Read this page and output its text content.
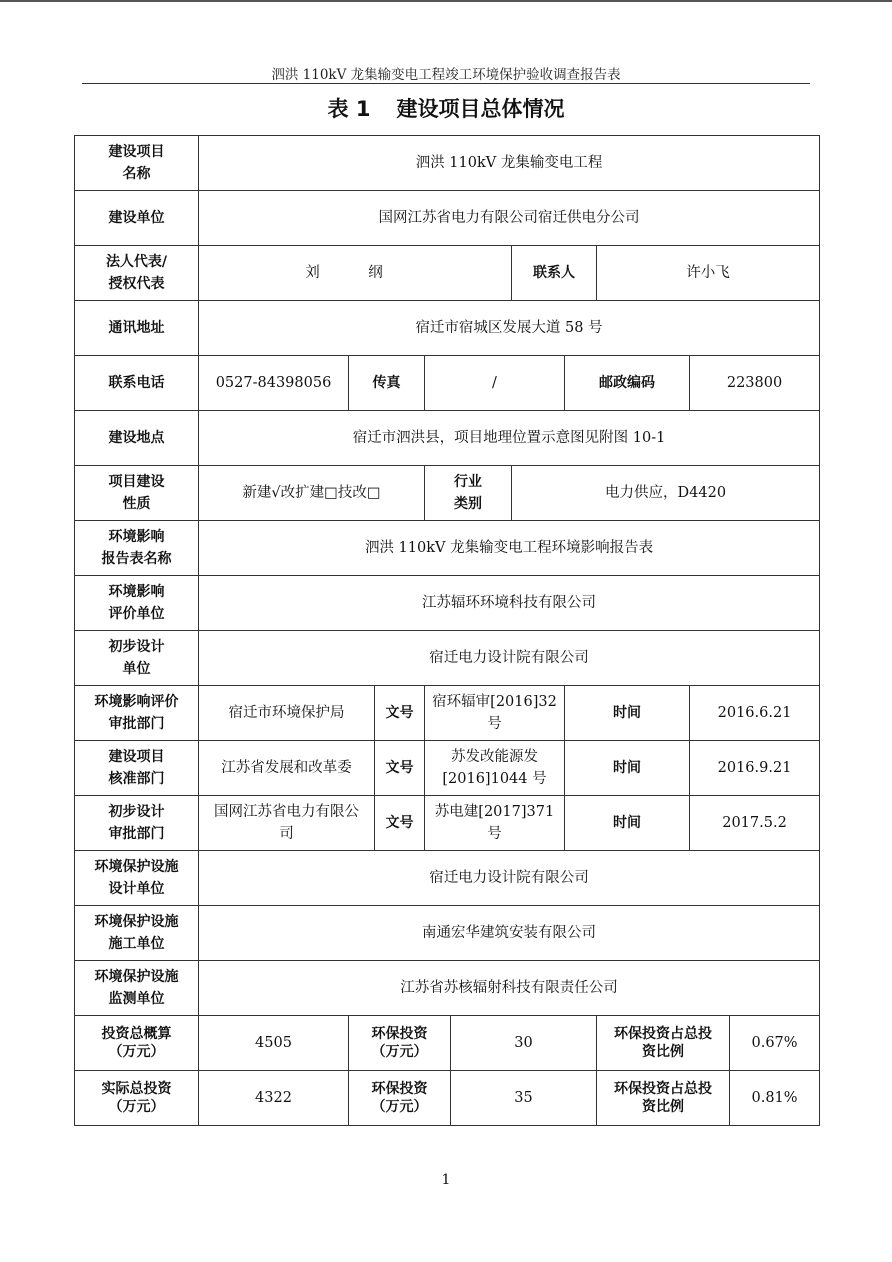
泗洪 110kV 龙集输变电工程竣工环境保护验收调查报告表
表 1 建设项目总体情况
建设项目
名称	泗洪 110kV 龙集输变电工程									
建设单位	国网江苏省电力有限公司宿迁供电分公司									

法人代表/
授权代表	刘 纲					联系人		许小飞		
通讯地址	宿迁市宿城区发展大道 58 号									
联系电话	0527-84398056	传真		/			邮政编码		223800	
建设地点	宿迁市泗洪县，项目地理位置示意图见附图 10-1									

项目建设
性质	新建√改扩建□技改□			行业
类别		电力供应，D4420				

环境影响
报告表名称	泗洪 110kV 龙集输变电工程环境影响报告表									

环境影响
评价单位	江苏辐环环境科技有限公司									

初步设计
单位	宿迁电力设计院有限公司									

环境影响评价
审批部门	宿迁市环境保护局		文号	宿环辐审[2016]32 号			时间		2016.6.21	

建设项目
核准部门	江苏省发展和改革委		文号	苏发改能源发
[2016]1044 号			时间		2016.9.21	

初步设计
审批部门	国网江苏省电力有限公
司		文号	苏电建[2017]371 号			时间		2017.5.2	

环境保护设施
设计单位	宿迁电力设计院有限公司									

环境保护设施
施工单位	南通宏华建筑安装有限公司									

环境保护设施
监测单位	江苏省苏核辐射科技有限责任公司									

投资总概算
（万元）	4505	环保投资
（万元）			30			环保投资占总投
资比例		0.67%

实际总投资
（万元）	4322	环保投资
（万元）			35			环保投资占总投
资比例		0.81%
1
